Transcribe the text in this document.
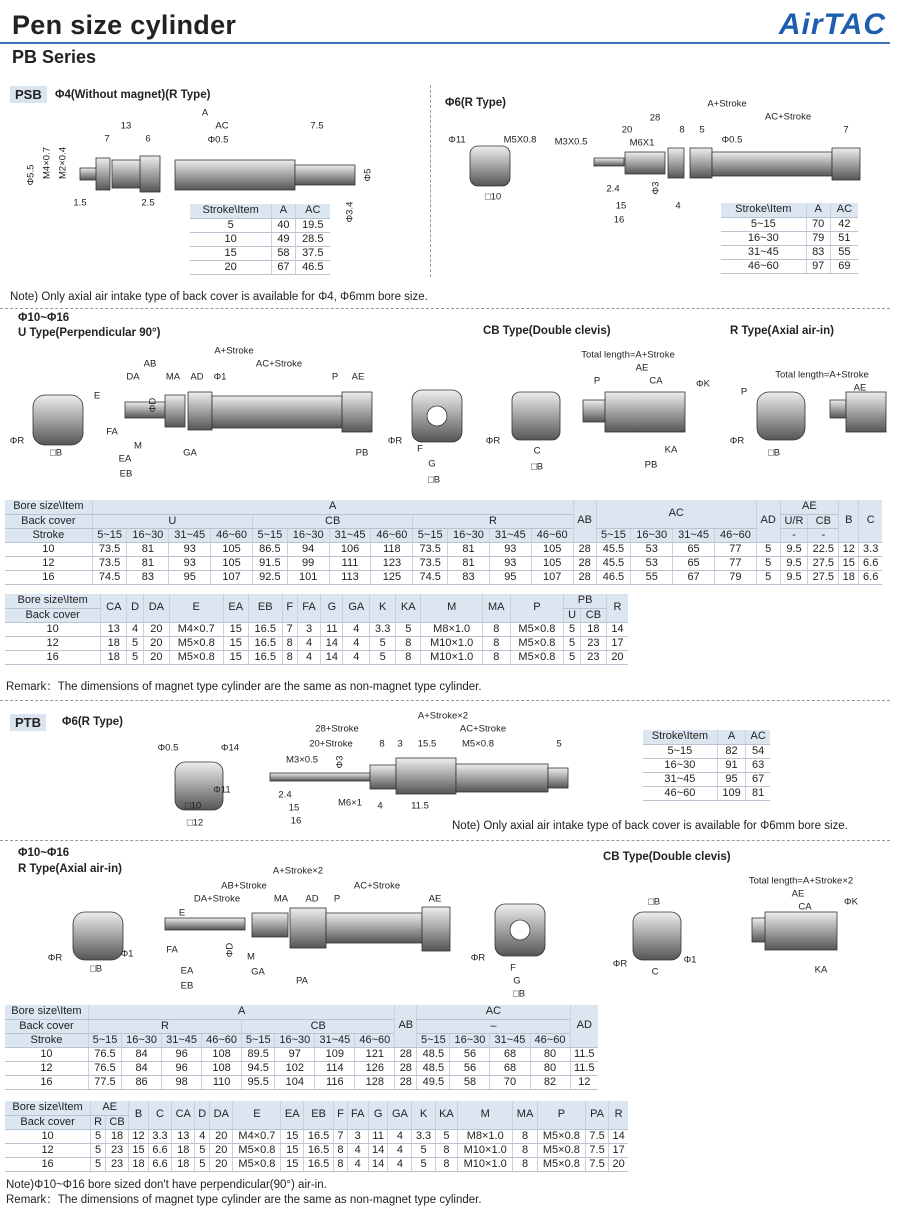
Pen size cylinder
PB Series
AirTAC
PSB	Φ4(Without magnet)(R Type)
A
13	AC	7.5
7	6	Φ0.5
Φ5.5 M4×0.7 M2×0.4	Φ5
Φ3.4
1.5	2.5
Stroke\Item	A	AC
5	40	19.5
10	49	28.5
15	58	37.5
20	67	46.5
Φ6(R Type)	A+Stroke
AC+Stroke
28
20	8 5	7
Φ0.5
Φ11	M5X0.8 M3X0.5	M6X1
□10
2.4	Φ3
15
16
4	Stroke\Item	A	AC
5~15	70	42
16~30	79	51
31~45	83	55
46~60	97	69
Note) Only axial air intake type of back cover is available for Φ4, Φ6mm bore size.
Φ10~Φ16
U Type(Perpendicular 90°)	CB Type(Double clevis)	R Type(Axial air-in)
A+Stroke
AB	AC+Stroke
DA	MA AD Φ1	P AE
E
ΦD
FA
M
EA
EB
GA
ΦR
□B
ΦR
F
G
□B
PB
Total length=A+Stroke
AE
P	CA	ΦK
ΦR
C
□B
KA
PB
Total length=A+Stroke
AE
P
ΦR
□B
Bore size\Item	A												AB	AC				AD	AE		B	C
Back cover	U				CB				R										U/R	CB		
Stroke	5~15	16~30	31~45	46~60	5~15	16~30	31~45	46~60	5~15	16~30	31~45	46~60		5~15	16~30	31~45	46~60		-	-		
10	73.5	81	93	105	86.5	94	106	118	73.5	81	93	105	28	45.5	53	65	77	5	9.5	22.5	12	3.3
12	73.5	81	93	105	91.5	99	111	123	73.5	81	93	105	28	45.5	53	65	77	5	9.5	27.5	15	6.6
16	74.5	83	95	107	92.5	101	113	125	74.5	83	95	107	28	46.5	55	67	79	5	9.5	27.5	18	6.6
Bore size\Item	CA	D	DA	E	EA	EB	F	FA	G	GA	K	KA	M	MA	P	PB		R
Back cover																U	CB	
10	13	4	20	M4×0.7	15	16.5	7	3	11	4	3.3	5	M8×1.0	8	M5×0.8	5	18	14
12	18	5	20	M5×0.8	15	16.5	8	4	14	4	5	8	M10×1.0	8	M5×0.8	5	23	17
16	18	5	20	M5×0.8	15	16.5	8	4	14	4	5	8	M10×1.0	8	M5×0.8	5	23	20
Remark：The dimensions of magnet type cylinder are the same as non-magnet type cylinder.
PTB	Φ6(R Type)
Φ0.5	Φ14
Φ11
□10
□12
A+Stroke×2
28+Stroke	AC+Stroke
20+Stroke	8 3 15.5	M5×0.8	5
M3×0.5 Φ3
2.4
15
16
M6×1 4	11.5
Stroke\Item	A	AC
5~15	82	54
16~30	91	63
31~45	95	67
46~60	109	81
Note) Only axial air intake type of back cover is available for Φ6mm bore size.
Φ10~Φ16
R Type(Axial air-in)
CB Type(Double clevis)
A+Stroke×2
AB+Stroke	AC+Stroke
DA+Stroke	MA AD P	AE
E
ΦD
FA
M
GA
EA
EB	PA
ΦR	Φ1
□B
ΦR
F
G
□B
□B
ΦR
C
Φ1
Total length=A+Stroke×2
AE
CA	ΦK
KA
Bore size\Item	A								AB	AC				AD
Back cover	R				CB					–				
Stroke	5~15	16~30	31~45	46~60	5~15	16~30	31~45	46~60		5~15	16~30	31~45	46~60	
10	76.5	84	96	108	89.5	97	109	121	28	48.5	56	68	80	11.5
12	76.5	84	96	108	94.5	102	114	126	28	48.5	56	68	80	11.5
16	77.5	86	98	110	95.5	104	116	128	28	49.5	58	70	82	12
Bore size\Item	AE		B	C	CA	D	DA	E	EA	EB	F	FA	G	GA	K	KA	M	MA	P	PA	R
Back cover	R	CB																			
10	5	18	12	3.3	13	4	20	M4×0.7	15	16.5	7	3	11	4	3.3	5	M8×1.0	8	M5×0.8	7.5	14
12	5	23	15	6.6	18	5	20	M5×0.8	15	16.5	8	4	14	4	5	8	M10×1.0	8	M5×0.8	7.5	17
16	5	23	18	6.6	18	5	20	M5×0.8	15	16.5	8	4	14	4	5	8	M10×1.0	8	M5×0.8	7.5	20
Note)Φ10~Φ16 bore sized don't have perpendicular(90°) air-in.
Remark：The dimensions of magnet type cylinder are the same as non-magnet type cylinder.
